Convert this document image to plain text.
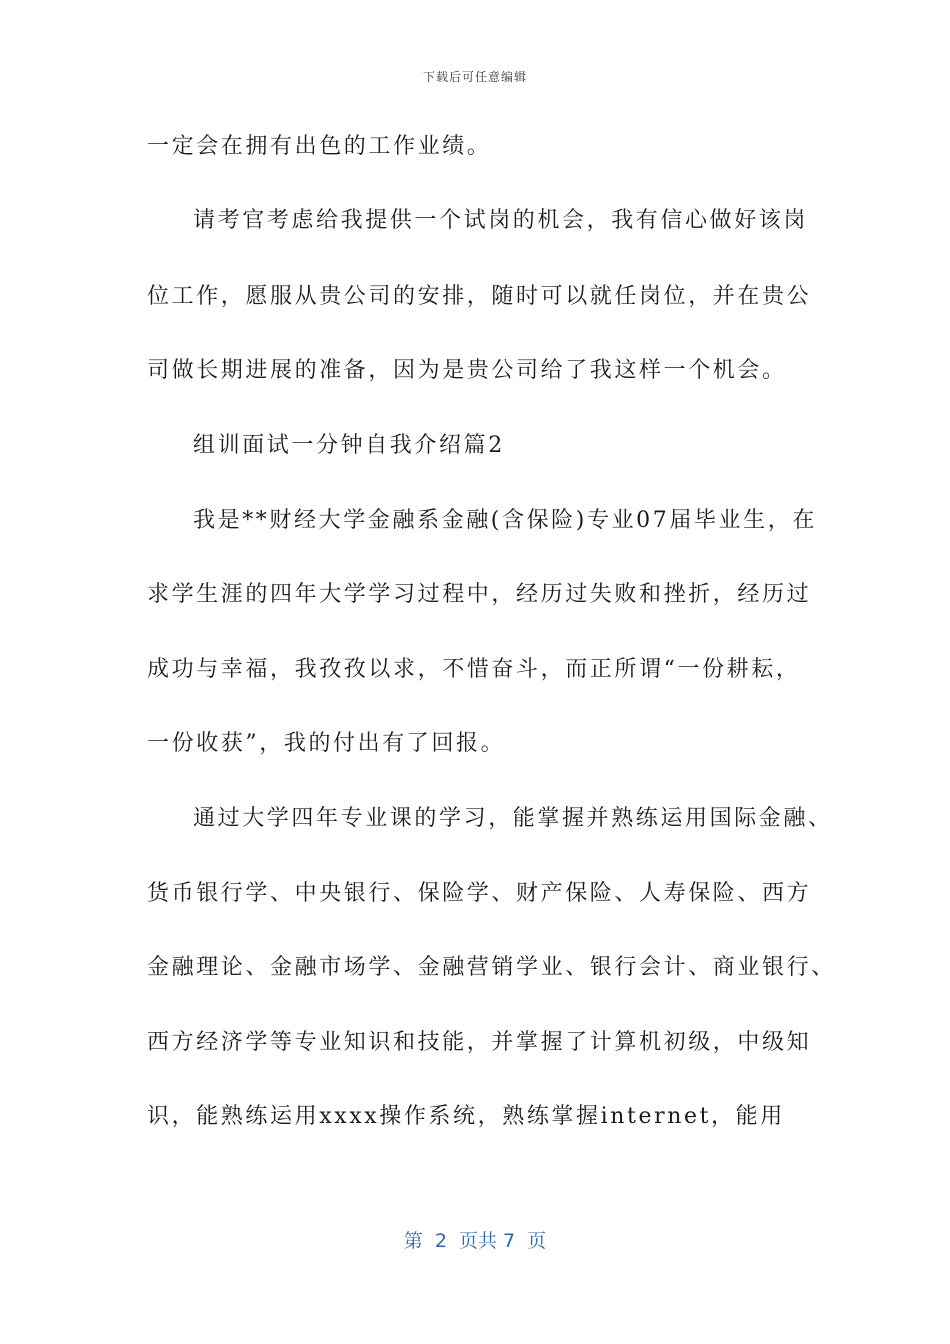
下载后可任意编辑
一定会在拥有出色的工作业绩。
请考官考虑给我提供一个试岗的机会，我有信心做好该岗
位工作，愿服从贵公司的安排，随时可以就任岗位，并在贵公
司做长期进展的准备，因为是贵公司给了我这样一个机会。
组训面试一分钟自我介绍篇2
我是**财经大学金融系金融(含保险)专业07届毕业生，在
求学生涯的四年大学学习过程中，经历过失败和挫折，经历过
成功与幸福，我孜孜以求，不惜奋斗，而正所谓“一份耕耘，
一份收获”，我的付出有了回报。
通过大学四年专业课的学习，能掌握并熟练运用国际金融、
货币银行学、中央银行、保险学、财产保险、人寿保险、西方
金融理论、金融市场学、金融营销学业、银行会计、商业银行、
西方经济学等专业知识和技能，并掌握了计算机初级，中级知
识，能熟练运用xxxx操作系统，熟练掌握internet，能用
第  2  页共 7  页
